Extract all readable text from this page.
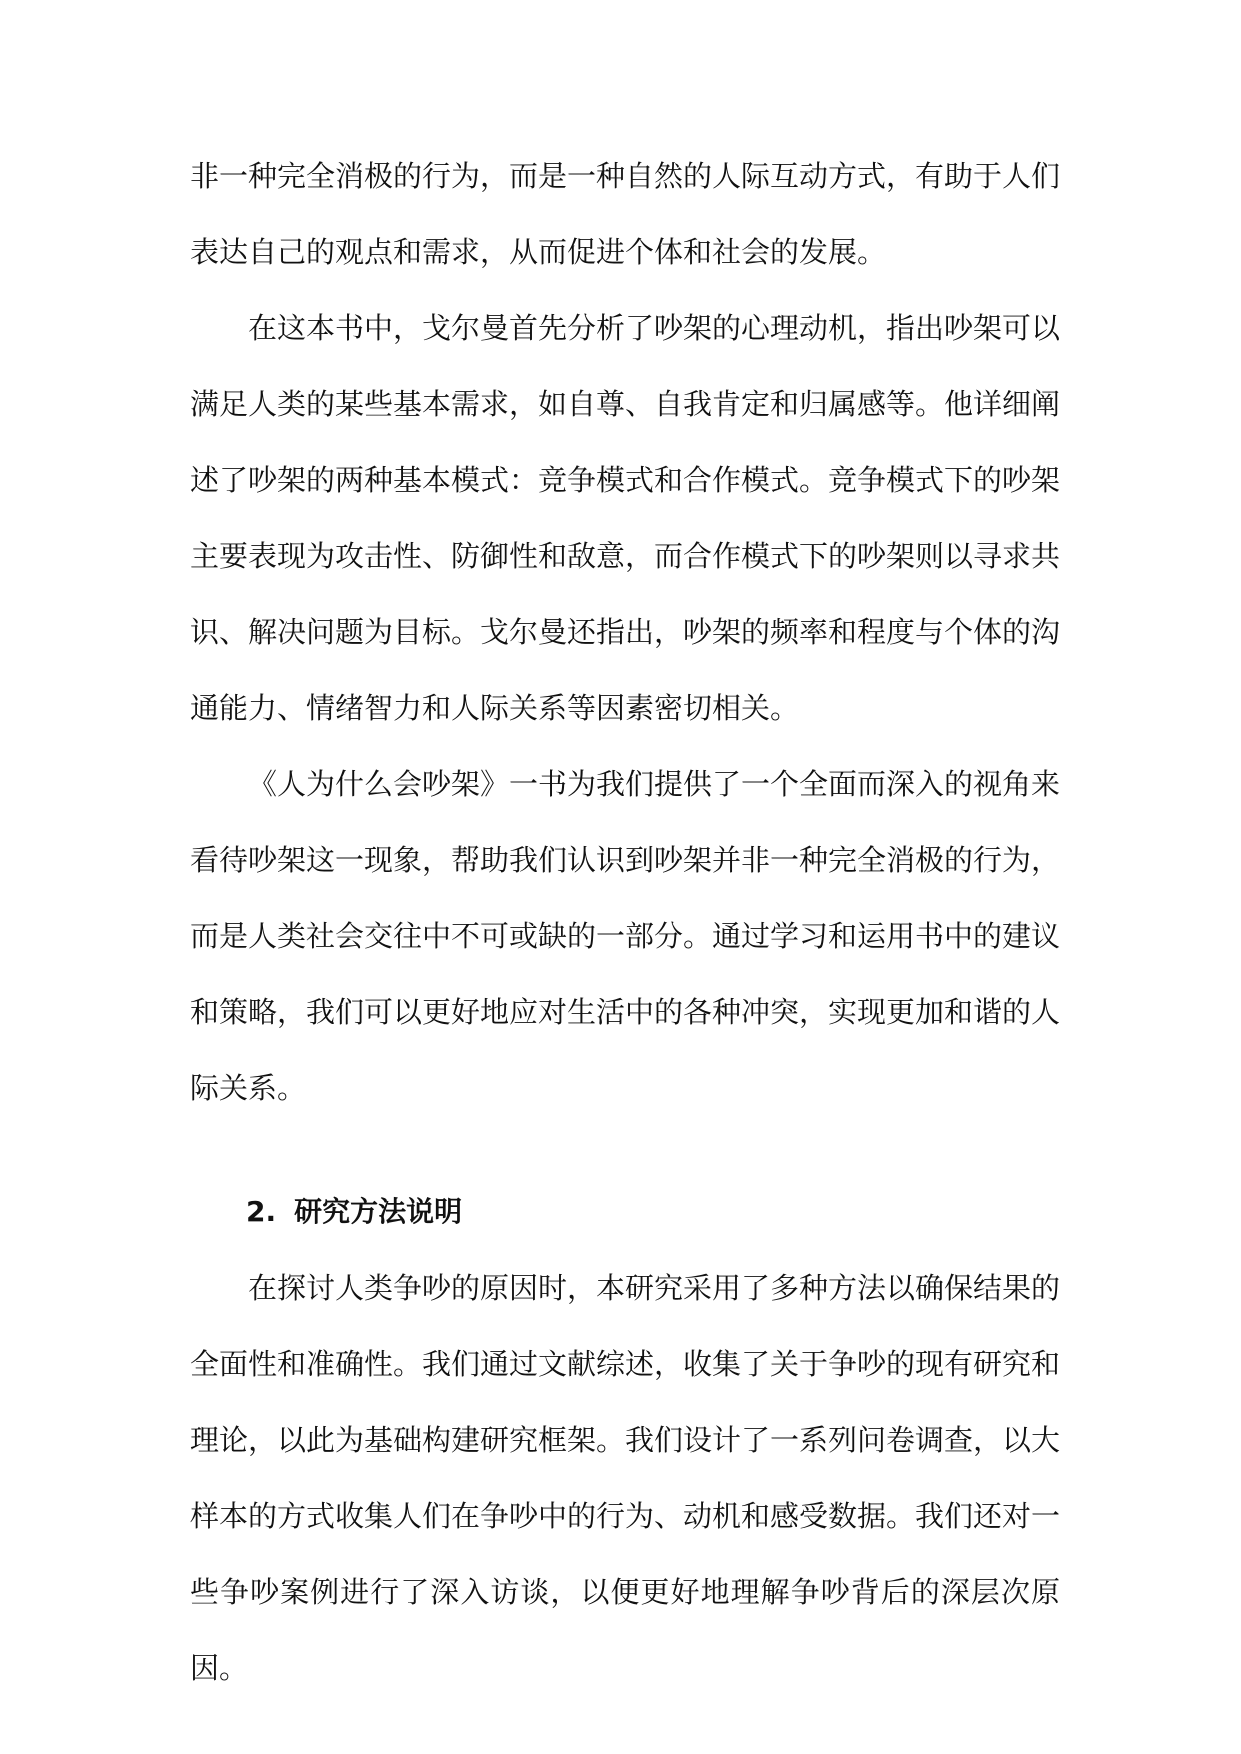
非一种完全消极的行为，而是一种自然的人际互动方式，有助于人们表达自己的观点和需求，从而促进个体和社会的发展。

在这本书中，戈尔曼首先分析了吵架的心理动机，指出吵架可以满足人类的某些基本需求，如自尊、自我肯定和归属感等。他详细阐述了吵架的两种基本模式：竞争模式和合作模式。竞争模式下的吵架主要表现为攻击性、防御性和敌意，而合作模式下的吵架则以寻求共识、解决问题为目标。戈尔曼还指出，吵架的频率和程度与个体的沟通能力、情绪智力和人际关系等因素密切相关。

《人为什么会吵架》一书为我们提供了一个全面而深入的视角来看待吵架这一现象，帮助我们认识到吵架并非一种完全消极的行为，而是人类社会交往中不可或缺的一部分。通过学习和运用书中的建议和策略，我们可以更好地应对生活中的各种冲突，实现更加和谐的人际关系。

2. 研究方法说明

在探讨人类争吵的原因时，本研究采用了多种方法以确保结果的全面性和准确性。我们通过文献综述，收集了关于争吵的现有研究和理论，以此为基础构建研究框架。我们设计了一系列问卷调查，以大样本的方式收集人们在争吵中的行为、动机和感受数据。我们还对一些争吵案例进行了深入访谈，以便更好地理解争吵背后的深层次原因。
